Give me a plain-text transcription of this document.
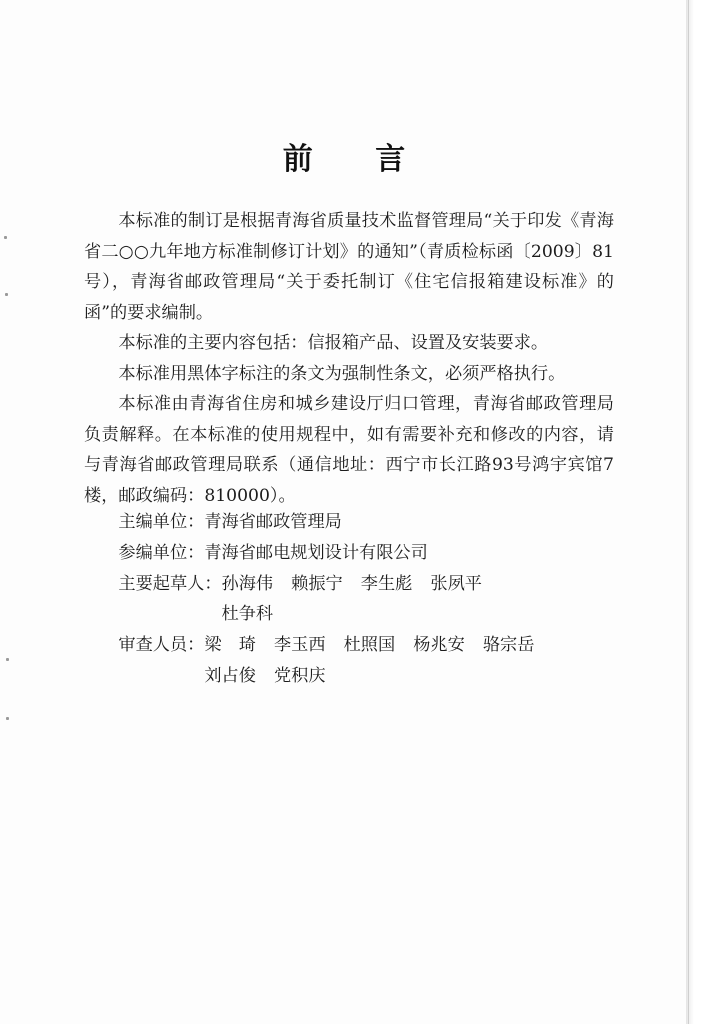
前 言

本标准的制订是根据青海省质量技术监督管理局“关于印发《青海省二○○九年地方标准制修订计划》的通知”（青质检标函〔2009〕81号），青海省邮政管理局“关于委托制订《住宅信报箱建设标准》的函”的要求编制。

本标准的主要内容包括：信报箱产品、设置及安装要求。

本标准用黑体字标注的条文为强制性条文，必须严格执行。

本标准由青海省住房和城乡建设厅归口管理，青海省邮政管理局负责解释。在本标准的使用规程中，如有需要补充和修改的内容，请与青海省邮政管理局联系（通信地址：西宁市长江路93号鸿宇宾馆7楼，邮政编码：810000）。

主编单位： 青海省邮政管理局
参编单位： 青海省邮电规划设计有限公司
主要起草人： 孙海伟 赖振宁 李生彪 张夙平
杜争科
审查人员： 梁　琦 李玉西 杜照国 杨兆安 骆宗岳
刘占俊 党积庆
